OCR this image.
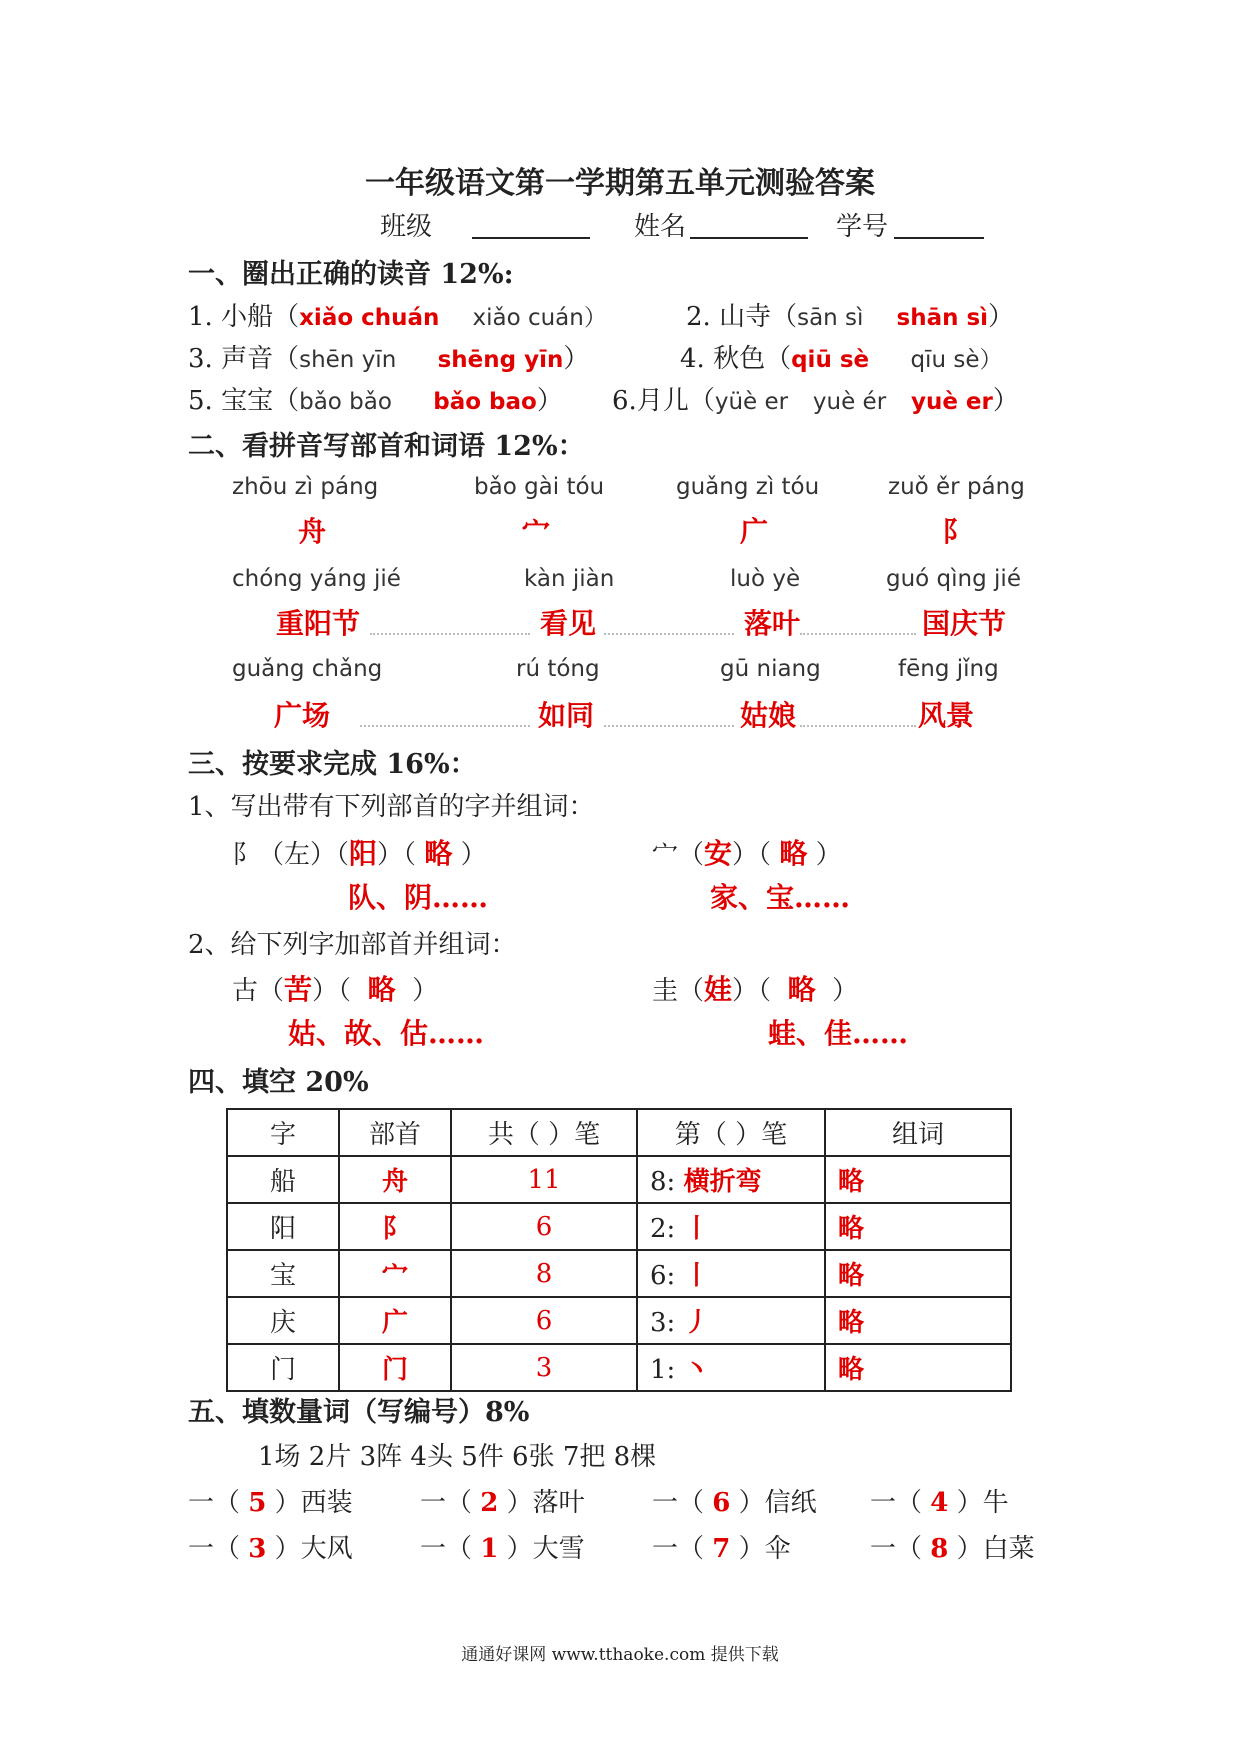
一年级语文第一学期第五单元测验答案
班级	姓名	学号
一、圈出正确的读音 12%:
1. 小船（xiǎo chuán xiǎo cuán）	2. 山寺（sān sì shān sì）
3. 声音（shēn yīn shēng yīn）	4. 秋色（qiū sè qīu sè）
5. 宝宝（bǎo bǎo bǎo bao） 6.月儿（yüè er yuè ér yuè er）
二、看拼音写部首和词语 12%：
zhōu zì páng	bǎo gài tóu	guǎng zì tóu	zuǒ ěr páng
舟	宀	广	阝
chóng yáng jié	kàn jiàn	luò yè	guó qìng jié
重阳节	看见	落叶	国庆节
guǎng chǎng	rú tóng	gū niang	fēng jǐng
广场	如同	姑娘	风景
三、按要求完成 16%：
1、写出带有下列部首的字并组词：
阝（左）（阳）（ 略 ）	宀（安）（ 略 ）
队、阴……	家、宝……
2、给下列字加部首并组词：
古（苦）（ 略 ）	圭（娃）（ 略 ）
姑、故、估……	蛙、佳……
四、填空 20%
字	部首	共（ ）笔	第（ ）笔	组词
船	舟	11	8: 横折弯	略
阳	阝	6	2: 丨	略
宝	宀	8	6: 丨	略
庆	广	6	3: 丿	略
门	门	3	1: 丶	略
五、填数量词（写编号）8%
1场 2片 3阵 4头 5件 6张 7把 8棵
一（ 5 ）西装	一（ 2 ）落叶	一（ 6 ）信纸 一（ 4 ）牛
一（ 3 ）大风	一（ 1 ）大雪	一（ 7 ）伞	一（ 8 ）白菜
通通好课网 www.tthaoke.com 提供下载
